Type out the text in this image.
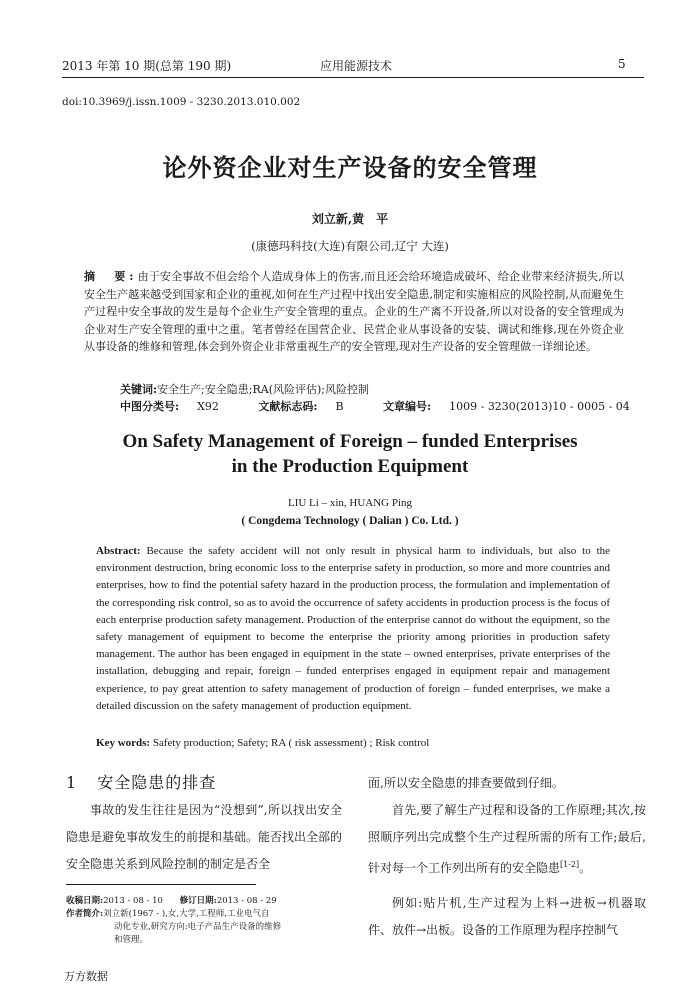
2013 年第 10 期(总第 190 期)	应用能源技术	5
doi:10.3969/j.issn.1009 - 3230.2013.010.002
论外资企业对生产设备的安全管理
刘立新,黄　平
(康德玛科技(大连)有限公司,辽宁 大连)

摘　要:由于安全事故不但会给个人造成身体上的伤害,而且还会给环境造成破坏、给企业带来经济损失,所以安全生产越来越受到国家和企业的重视,如何在生产过程中找出安全隐患,制定和实施相应的风险控制,从而避免生产过程中安全事故的发生是每个企业生产安全管理的重点。企业的生产离不开设备,所以对设备的安全管理成为企业对生产安全管理的重中之重。笔者曾经在国营企业、民营企业从事设备的安装、调试和维修,现在外资企业从事设备的维修和管理,体会到外资企业非常重视生产的安全管理,现对生产设备的安全管理做一详细论述。

关键词:安全生产;安全隐患;RA(风险评估);风险控制
中图分类号: X92	文献标志码: B	文章编号: 1009 - 3230(2013)10 - 0005 - 04
On Safety Management of Foreign – funded Enterprises
in the Production Equipment
LIU Li – xin, HUANG Ping
( Congdema Technology ( Dalian ) Co. Ltd. )
Abstract: Because the safety accident will not only result in physical harm to individuals, but also to the environment destruction, bring economic loss to the enterprise safety in production, so more and more countries and enterprises, how to find the potential safety hazard in the production process, the formulation and implementation of the corresponding risk control, so as to avoid the occurrence of safety accidents in production process is the focus of each enterprise production safety management. Production of the enterprise cannot do without the equipment, so the safety management of equipment to become the enterprise the priority among priorities in production safety management. The author has been engaged in equipment in the state – owned enterprises, private enterprises of the installation, debugging and repair, foreign – funded enterprises engaged in equipment repair and management experience, to pay great attention to safety management of production of foreign – funded enterprises, we make a detailed discussion on the safety management of production equipment.
Key words: Safety production; Safety; RA ( risk assessment) ; Risk control
1 安全隐患的排查

事故的发生往往是因为“没想到”,所以找出安全隐患是避免事故发生的前提和基础。能否找出全部的安全隐患关系到风险控制的制定是否全

面,所以安全隐患的排查要做到仔细。

首先,要了解生产过程和设备的工作原理;其次,按照顺序列出完成整个生产过程所需的所有工作;最后,针对每一个工作列出所有的安全隐患[1-2]。

例如:贴片机,生产过程为上料→进板→机器取件、放件→出板。设备的工作原理为程序控制气

收稿日期:2013 - 08 - 10 修订日期:2013 - 08 - 29

作者简介:刘立新(1967 - ),女,大学,工程师,工业电气自

动化专业,研究方向:电子产品生产设备的维修

和管理。

万方数据
